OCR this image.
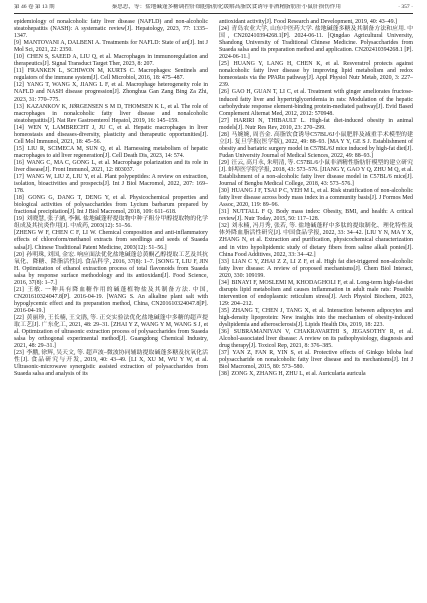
第 46 卷 第 13 期	秦思思，等：盐地碱蓬多糖调控肝细胞脂肪化缓解高脂饮食诱导非酒精脂肪肝小鼠肝损伤作用	· 357 ·

epidemiology of nonalcoholic fatty liver disease (NAFLD) and non-alcoholic steatohepatitis (NASH): A systematic review[J]. Hepatology, 2023, 77: 1335–1347.

[9] MANTOVANI A, DALBENI A. Treatments for NAFLD: State of art[J]. Int J Mol Sci, 2021, 22: 2350.

[10] CHEN S, SAEED A, LIU Q, et al. Macrophages in immunoregulation and therapeutics[J]. Signal Transduct Target Ther, 2023, 8: 207.

[11] FRANKEN L, SCHIWON M, KURTS C. Macrophages: Sentinels and regulators of the immune system[J]. Cell Microbiol, 2016, 18: 475–487.

[12] YANG T, WANG X, JIANG L F, et al. Macrophage heterogeneity role in NAFLD and NASH disease progression[J]. Zhonghua Gan Zang Bing Za Zhi, 2023, 31: 770–775.

[13] KAZANKOV K, JØRGENSEN S M D, THOMSEN K L, et al. The role of macrophages in nonalcoholic fatty liver disease and nonalcoholic steatohepatitis[J]. Nat Rev Gastroenterol Hepatol, 2019, 16: 145–159.

[14] WEN Y, LAMBRECHT J, JU C, et al. Hepatic macrophages in liver homeostasis and diseases-diversity, plasticity and therapeutic opportunities[J]. Cell Mol Immunol, 2021, 18: 45–56.

[15] LIU R, SCIMECA M, SUN Q, et al. Harnessing metabolism of hepatic macrophages to aid liver regeneration[J]. Cell Death Dis, 2023, 14: 574.

[16] WANG C, MA C, GONG L, et al. Macrophage polarization and its role in liver disease[J]. Front Immunol, 2021, 12: 803037.

[17] WANG W, LIU Z, LIU Y, et al. Plant polypeptides: A review on extraction, isolation, bioactivities and prospects[J]. Int J Biol Macromol, 2022, 207: 169–178.

[18] GONG G, DANG T, DENG Y, et al. Physicochemical properties and biological activities of polysaccharides from Lycium barbarum prepared by fractional precipitation[J]. Int J Biol Macromol, 2018, 109: 611–618.

[19] 刘晓慧, 张子涵, 李佩. 盐地碱蓬籽提取物中种子粗分甲醇提取物的化学组成及其抗炎作用[J]. 中成药, 2003(12): 51–56.

[ZHENG W F, CHEN C F, LI W. Chemical composition and anti-inflammatory effects of chloroform/methanol extracts from seedlings and seeds of Suaeda salsa[J]. Chinese Traditional Patent Medicine, 2003(12): 51–56.]

[20] 孙明珠, 刘国, 金宏. 响应面法优化盐地碱蓬总黄酮乙醇提取工艺及其抗氧化、降糖、降脂活性[J]. 食品科学, 2016, 37(8): 1–7. [SONG T, LIU F, JIN H. Optimization of ethanol extraction process of total flavonoids from Suaeda salsa by response surface methodology and its antioxidant[J]. Food Science, 2016, 37(8): 1–7.]

[21] 王敏. 一种具有降血糖作用的碱蓬植物盐及其制备方法. 中国, CN201610324047.8[P]. 2016-04-19. [WANG S. An alkaline plant salt with hypoglycemic effect and its preparation method, China, CN201610324047.8[P]. 2016-04-19.]

[22] 黄丽珍, 王长楠, 王文鹃, 等. 正交实验法优化盐地碱蓬中多糖的超声提取工艺[J]. 广东化工, 2021, 48: 29–31. [ZHAI Y Z, WANG Y M, WANG S J, et al. Optimization of ultrasonic extraction process of polysaccharides from Suaeda salsa by orthogonal experimental method[J]. Guangdong Chemical Industry, 2021, 48: 29–31.]

[23] 李鹏, 徐辉, 吴天文, 等. 超声波–微波协同辅助提取碱蓬多糖及抗氧化活性[J]. 食品研究与开发, 2019, 40: 43–49. [LI X, XU M, WU Y W, et al. Ultrasonic-microwave synergistic assisted extraction of polysaccharides from Suaeda salsa and analysis of its

antioxidant activity[J]. Food Research and Development, 2019, 40: 43–49.]

[24] 青岛农业大学, 山东中医药大学. 盐地碱蓬多糖及其制备方法和应用. 中国, CN202410394268.1[P]. 2024-06-11. [Qingdao Agricultural University, Shandong University of Traditional Chinese Medicine. Polysaccharides from Suaeda salsa and its preparation method and application. CN202410394268.1 [P]. 2024-06-11.]

[25] HUANG Y, LANG H, CHEN K, et al. Resveratrol protects against nonalcoholic fatty liver disease by improving lipid metabolism and redox homeostasis via the PPARα pathway[J]. Appl Physiol Nutr Metab, 2020, 3: 227–239.

[26] GAO H, GUAN T, LI C, et al. Treatment with ginger ameliorates fructose-induced fatty liver and hypertriglyceridemia in rats: Modulation of the hepatic carbohydrate response element-binding protein-mediated pathway[J]. Evid Based Complement Alternat Med, 2012, 2012: 570948.

[27] HARIRI N, THIBAULT L. High-fat diet-induced obesity in animal models[J]. Nutr Res Rev, 2010, 23: 270–299.

[28] 马婉婉, 周吾金. 高脂饮食诱导C57BL/6J小鼠肥胖及减重手术模型的建立[J]. 复旦学报(医学版), 2022, 49: 88–93. [MA Y Y, GE S J. Establishment of obesity and bariatric surgery model in C57BL/6J mice induced by high-fat diet[J]. Fudan University Journal of Medical Sciences, 2022, 49: 88–93.]

[29] 汪云, 高月永, 朱明清, 等. C57BL/6小鼠非酒精性脂肪肝模型的建立研究[J]. 蚌埠医学院学报, 2018, 43: 573–576. [JIANG Y, GAO Y Q, ZHU M Q, et al. Establishment of a non-alcoholic fatty liver disease model in C57BL/6 mice[J]. Journal of Bengbu Medical College, 2018, 43: 573–576.]

[30] HUANG J F, TSAI P C, YEH M L, et al. Risk stratification of non-alcoholic fatty liver disease across body mass index in a community basis[J]. J Formos Med Assoc, 2020, 119: 89–96.

[31] NUTTALL F Q. Body mass index: Obesity, BMI, and health: A critical review[J]. Nutr Today, 2015, 50: 117–128.

[32] 刘永楠, 冯月秀, 张若, 等. 盐地碱蓬籽中多肽的提取制化、理化特性及体外降血脂活性研究[J]. 中国食品学报, 2022, 33: 34–42. [LIU Y N, MA Y X, ZHANG N, et al. Extraction and purification, physicochemical characterization and in vitro hypolipidemic study of dietary fibers from saline alkali ponies[J]. China Food Additives, 2022, 33: 34–42.]

[33] LIAN C Y, ZHAI Z Z, LI Z F, et al. High fat diet-triggered non-alcoholic fatty liver disease: A review of proposed mechanisms[J]. Chem Biol Interact, 2020, 330: 109199.

[34] BINAYI F, MOSLEMI M, KHODAGHOLI F, et al. Long-term high-fat-diet disrupts lipid metabolism and causes inflammation in adult male rats: Possible intervention of endoplasmic reticulum stress[J]. Arch Physiol Biochem, 2023, 129: 204–212.

[35] ZHANG T, CHEN J, TANG X, et al. Interaction between adipocytes and high-density lipoprotein: New insights into the mechanism of obesity-induced dyslipidemia and atherosclerosis[J]. Lipids Health Dis, 2019, 18: 223.

[36] SUBRAMANIYAN V, CHAKRAVARTHI S, JEGASOTHY R, et al. Alcohol-associated liver disease: A review on its pathophysiology, diagnosis and drug therapy[J]. Toxicol Rep, 2021, 8: 376–385.

[37] YAN Z, FAN R, YIN S, et al. Protective effects of Ginkgo biloba leaf polysaccharide on nonalcoholic fatty liver disease and its mechanisms[J]. Int J Biol Macromol, 2015, 80: 573–580.

[38] ZONG X, ZHANG H, ZHU L, et al. Auricularia auricula
